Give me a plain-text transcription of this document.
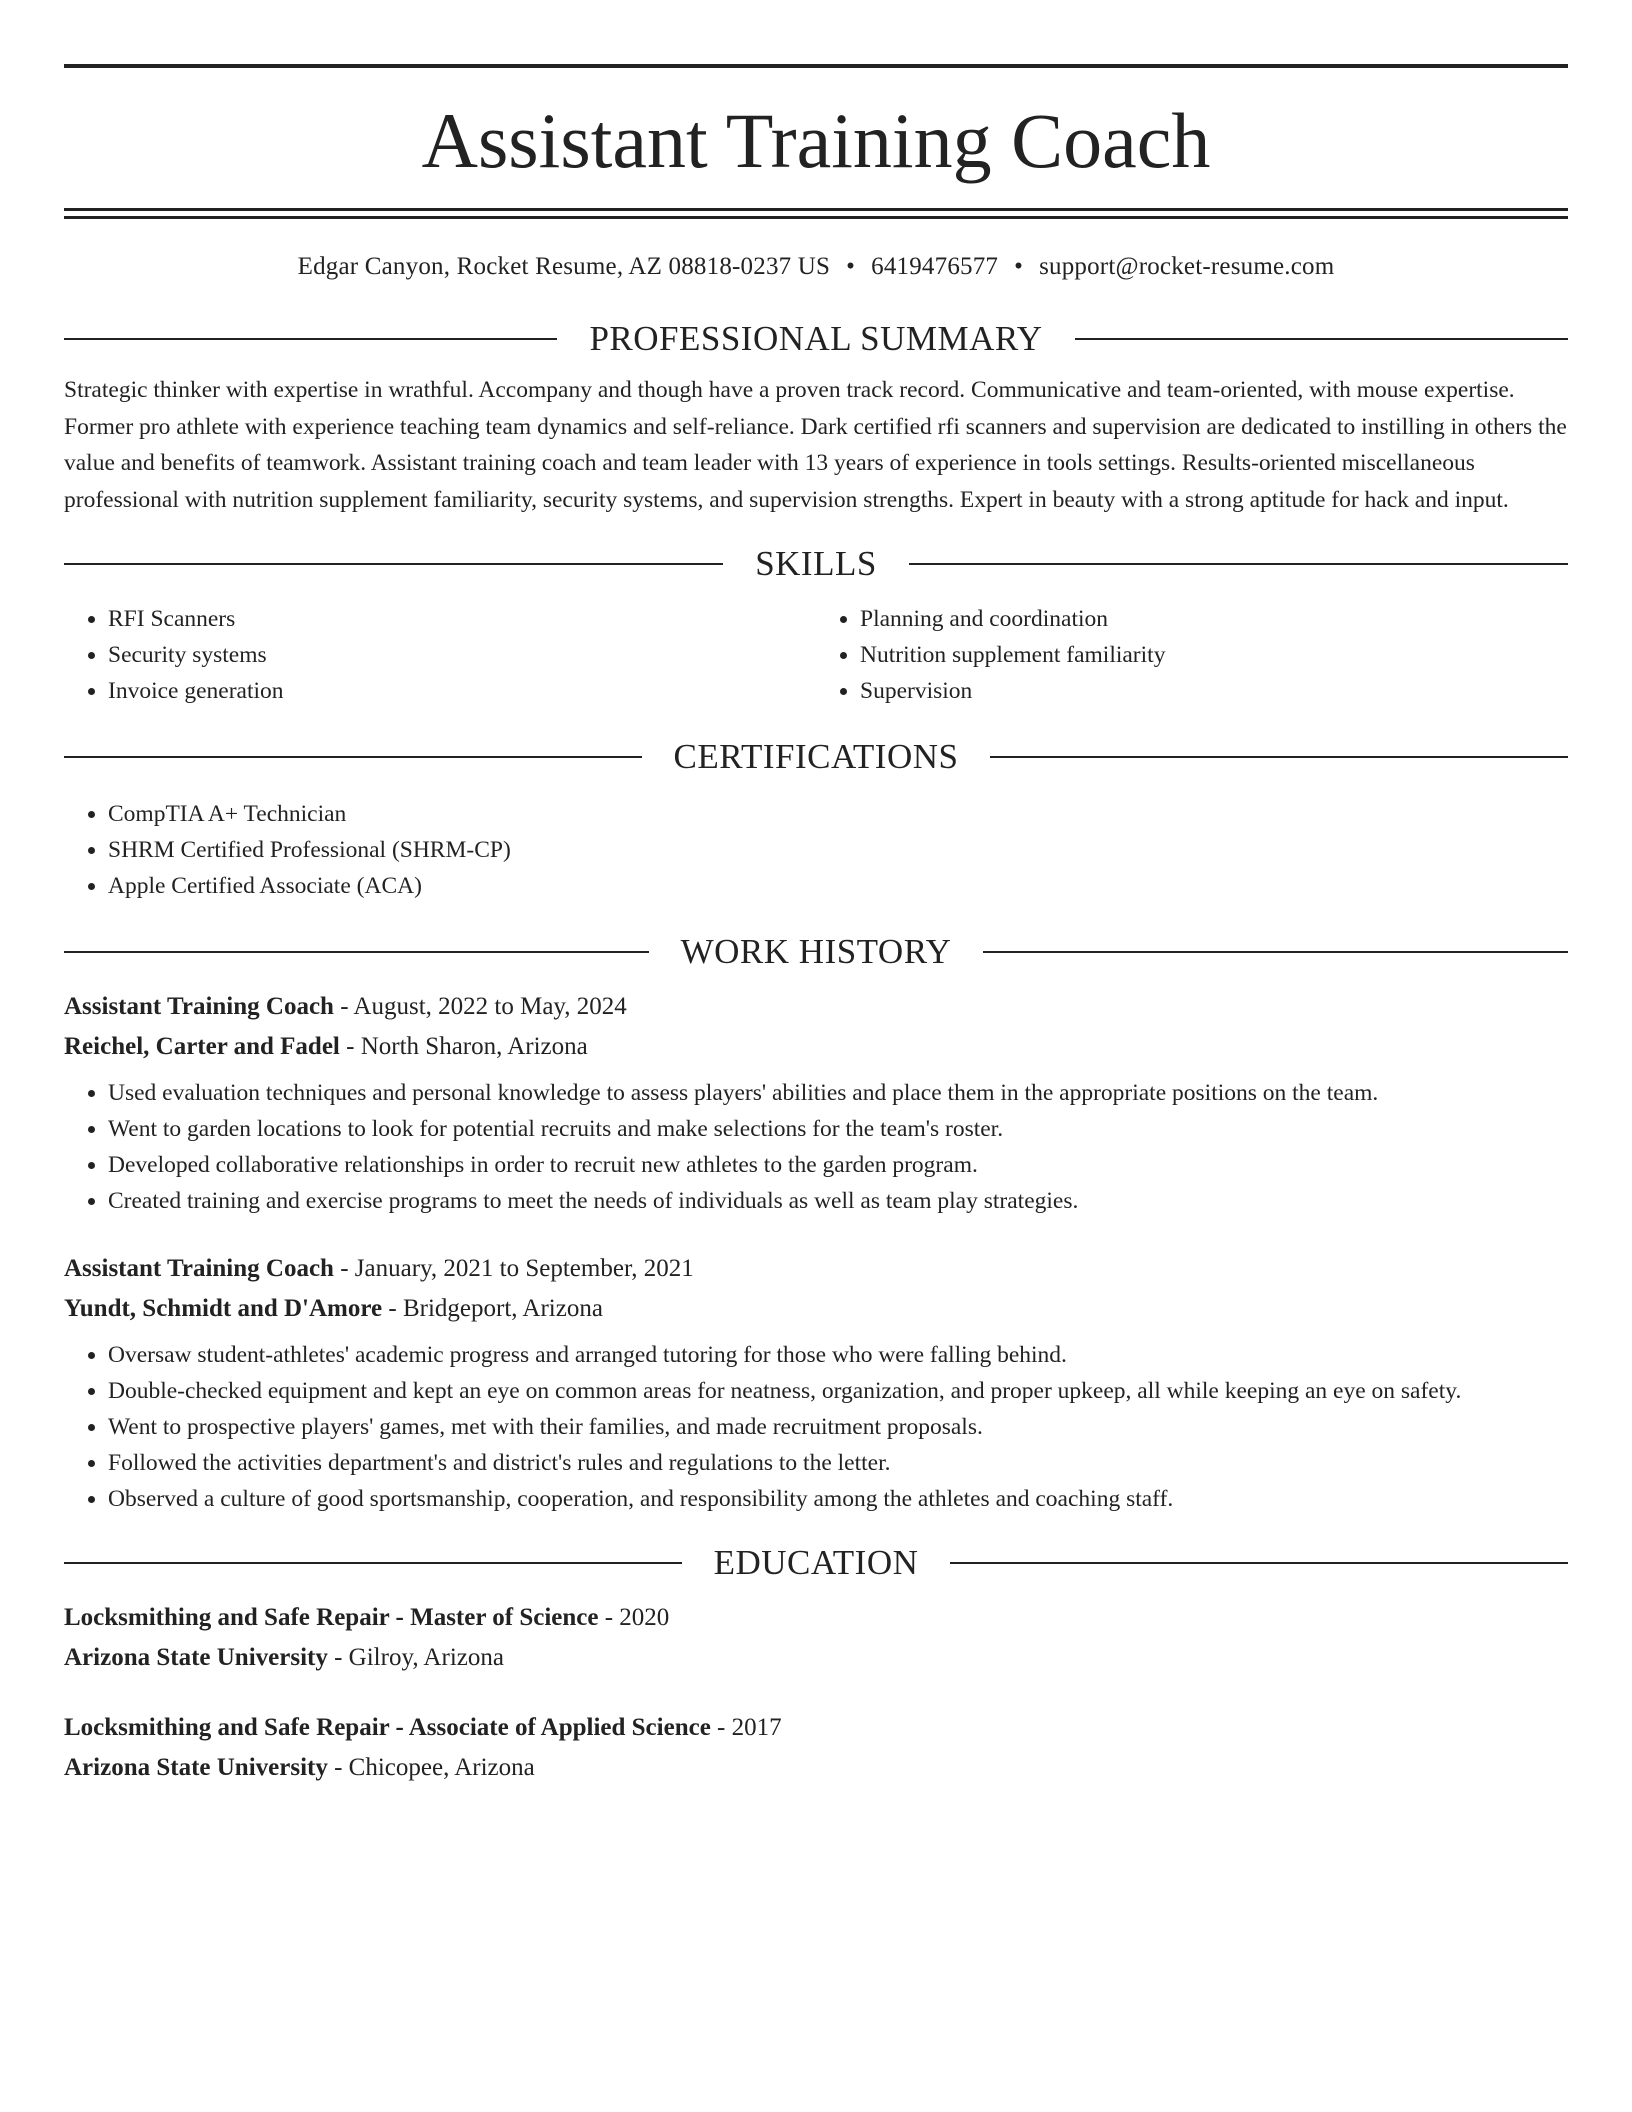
Assistant Training Coach
Edgar Canyon, Rocket Resume, AZ 08818-0237 US • 6419476577 • support@rocket-resume.com
PROFESSIONAL SUMMARY

Strategic thinker with expertise in wrathful. Accompany and though have a proven track record. Communicative and team-oriented, with mouse expertise. Former pro athlete with experience teaching team dynamics and self-reliance. Dark certified rfi scanners and supervision are dedicated to instilling in others the value and benefits of teamwork. Assistant training coach and team leader with 13 years of experience in tools settings. Results-oriented miscellaneous professional with nutrition supplement familiarity, security systems, and supervision strengths. Expert in beauty with a strong aptitude for hack and input.

SKILLS
• RFI Scanners
• Security systems
• Invoice generation
• Planning and coordination
• Nutrition supplement familiarity
• Supervision
CERTIFICATIONS
• CompTIA A+ Technician
• SHRM Certified Professional (SHRM-CP)
• Apple Certified Associate (ACA)
WORK HISTORY
Assistant Training Coach - August, 2022 to May, 2024
Reichel, Carter and Fadel - North Sharon, Arizona
• Used evaluation techniques and personal knowledge to assess players' abilities and place them in the appropriate positions on the team.
• Went to garden locations to look for potential recruits and make selections for the team's roster.
• Developed collaborative relationships in order to recruit new athletes to the garden program.
• Created training and exercise programs to meet the needs of individuals as well as team play strategies.
Assistant Training Coach - January, 2021 to September, 2021
Yundt, Schmidt and D'Amore - Bridgeport, Arizona
• Oversaw student-athletes' academic progress and arranged tutoring for those who were falling behind.
• Double-checked equipment and kept an eye on common areas for neatness, organization, and proper upkeep, all while keeping an eye on safety.
• Went to prospective players' games, met with their families, and made recruitment proposals.
• Followed the activities department's and district's rules and regulations to the letter.
• Observed a culture of good sportsmanship, cooperation, and responsibility among the athletes and coaching staff.
EDUCATION
Locksmithing and Safe Repair - Master of Science - 2020
Arizona State University - Gilroy, Arizona
Locksmithing and Safe Repair - Associate of Applied Science - 2017
Arizona State University - Chicopee, Arizona
